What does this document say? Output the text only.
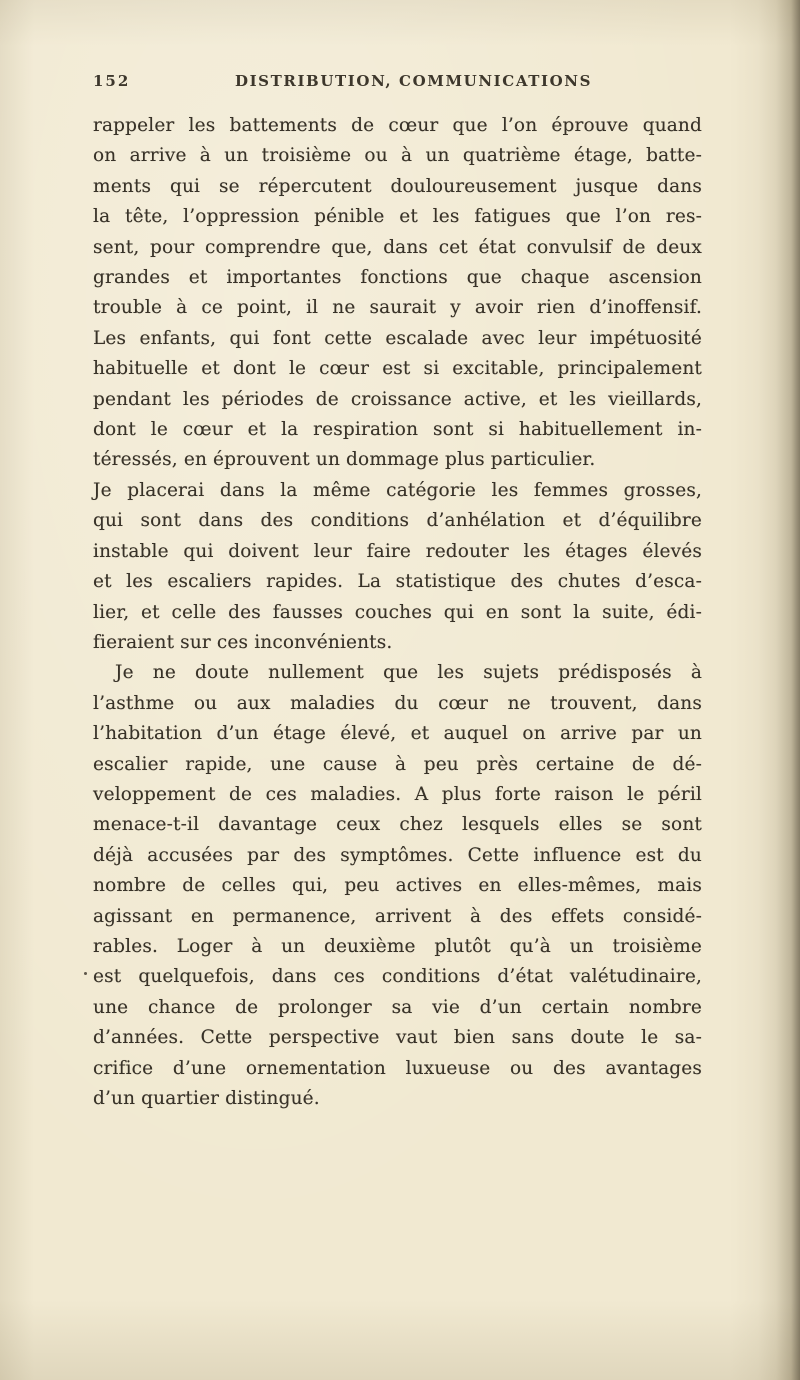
152	DISTRIBUTION, COMMUNICATIONS
rappeler les battements de cœur que l’on éprouve quand
on arrive à un troisième ou à un quatrième étage, batte-
ments qui se répercutent douloureusement jusque dans
la tête, l’oppression pénible et les fatigues que l’on res-
sent, pour comprendre que, dans cet état convulsif de deux
grandes et importantes fonctions que chaque ascension
trouble à ce point, il ne saurait y avoir rien d’inoffensif.
Les enfants, qui font cette escalade avec leur impétuosité
habituelle et dont le cœur est si excitable, principalement
pendant les périodes de croissance active, et les vieillards,
dont le cœur et la respiration sont si habituellement in-
téressés, en éprouvent un dommage plus particulier.
Je placerai dans la même catégorie les femmes grosses,
qui sont dans des conditions d’anhélation et d’équilibre
instable qui doivent leur faire redouter les étages élevés
et les escaliers rapides. La statistique des chutes d’esca-
lier, et celle des fausses couches qui en sont la suite, édi-
fieraient sur ces inconvénients.
Je ne doute nullement que les sujets prédisposés à
l’asthme ou aux maladies du cœur ne trouvent, dans
l’habitation d’un étage élevé, et auquel on arrive par un
escalier rapide, une cause à peu près certaine de dé-
veloppement de ces maladies. A plus forte raison le péril
menace-t-il davantage ceux chez lesquels elles se sont
déjà accusées par des symptômes. Cette influence est du
nombre de celles qui, peu actives en elles-mêmes, mais
agissant en permanence, arrivent à des effets considé-
rables. Loger à un deuxième plutôt qu’à un troisième
est quelquefois, dans ces conditions d’état valétudinaire,
une chance de prolonger sa vie d’un certain nombre
d’années. Cette perspective vaut bien sans doute le sa-
crifice d’une ornementation luxueuse ou des avantages
d’un quartier distingué.
